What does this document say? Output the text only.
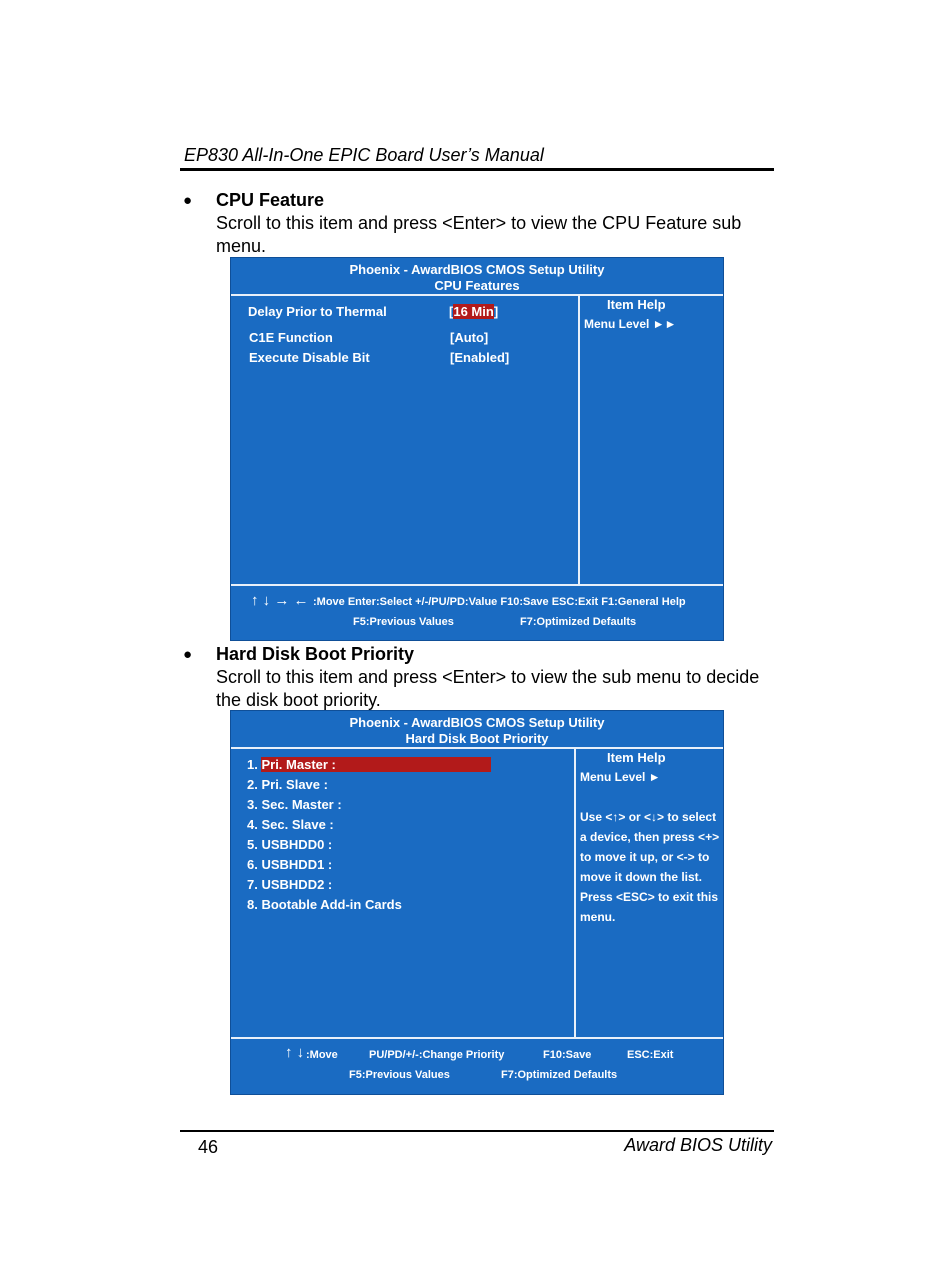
EP830 All-In-One EPIC Board User’s Manual
● CPU Feature
Scroll to this item and press <Enter> to view the CPU Feature sub menu.
Phoenix - AwardBIOS CMOS Setup Utility
CPU Features
Delay Prior to Thermal	[16 Min]
C1E Function	[Auto]
Execute Disable Bit	[Enabled]
Item Help
Menu Level ►►
↑ ↓ → ← :Move Enter:Select +/-/PU/PD:Value F10:Save ESC:Exit F1:General Help
F5:Previous Values	F7:Optimized Defaults
● Hard Disk Boot Priority
Scroll to this item and press <Enter> to view the sub menu to decide the disk boot priority.
Phoenix - AwardBIOS CMOS Setup Utility
Hard Disk Boot Priority
1. Pri. Master :
2. Pri. Slave :
3. Sec. Master :
4. Sec. Slave :
5. USBHDD0 :
6. USBHDD1 :
7. USBHDD2 :
8. Bootable Add-in Cards
Item Help
Menu Level ►
Use <↑> or <↓> to select
a device, then press <+>
to move it up, or <-> to
move it down the list.
Press <ESC> to exit this
menu.
↑ ↓ :Move	PU/PD/+/-:Change Priority	F10:Save	ESC:Exit
F5:Previous Values	F7:Optimized Defaults
46	Award BIOS Utility
